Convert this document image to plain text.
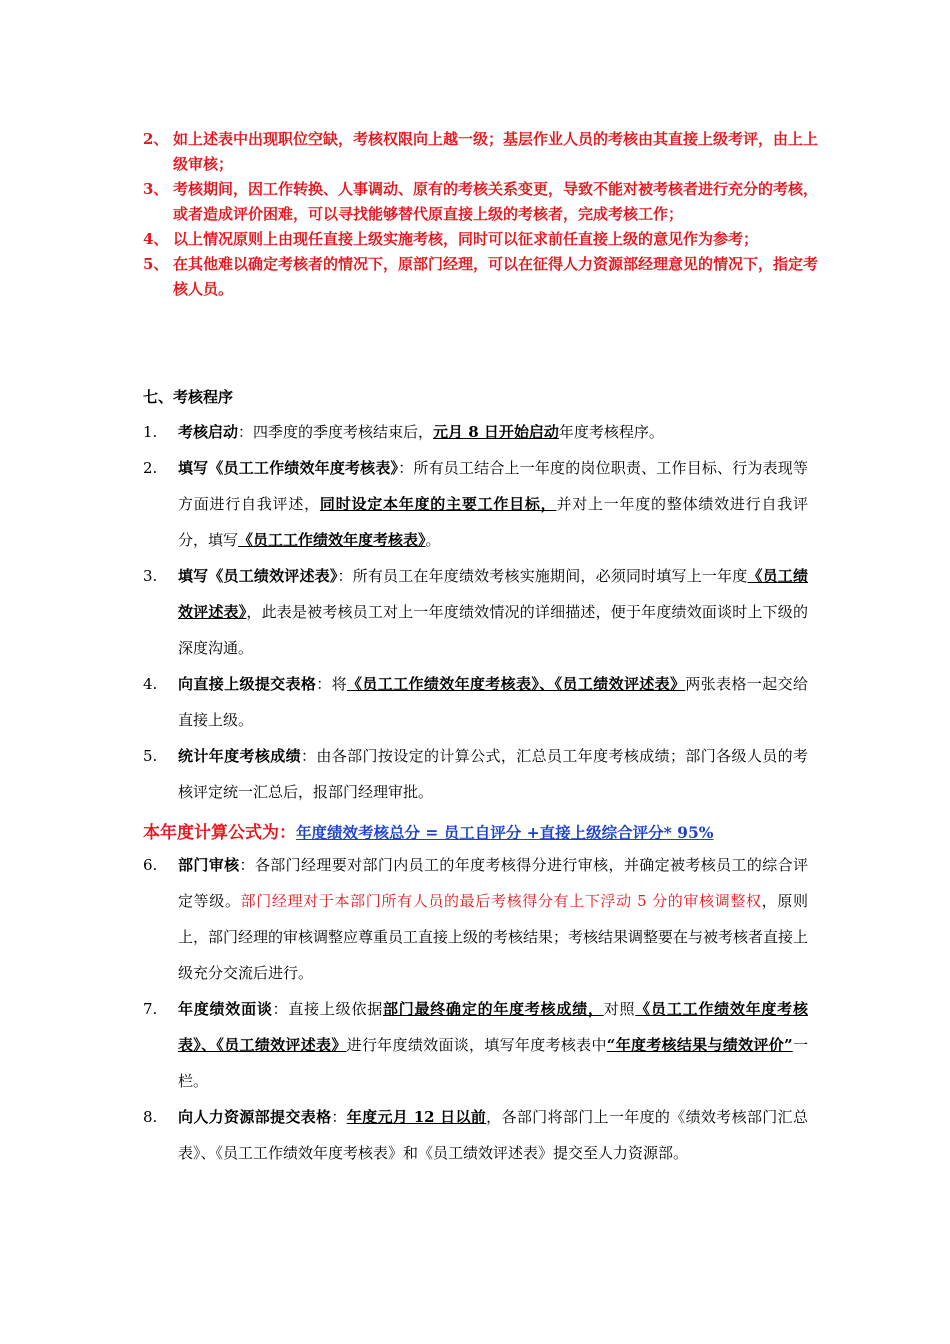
2、 如上述表中出现职位空缺，考核权限向上越一级；基层作业人员的考核由其直接上级考评，由上上级审核；
3、 考核期间，因工作转换、人事调动、原有的考核关系变更，导致不能对被考核者进行充分的考核，或者造成评价困难，可以寻找能够替代原直接上级的考核者，完成考核工作；
4、 以上情况原则上由现任直接上级实施考核，同时可以征求前任直接上级的意见作为参考；
5、 在其他难以确定考核者的情况下，原部门经理，可以在征得人力资源部经理意见的情况下，指定考核人员。
七、考核程序
1.	考核启动：四季度的季度考核结束后，元月 8 日开始启动年度考核程序。
2.	填写《员工工作绩效年度考核表》：所有员工结合上一年度的岗位职责、工作目标、行为表现等方面进行自我评述，同时设定本年度的主要工作目标，并对上一年度的整体绩效进行自我评分，填写《员工工作绩效年度考核表》。
3.	填写《员工绩效评述表》：所有员工在年度绩效考核实施期间，必须同时填写上一年度《员工绩效评述表》，此表是被考核员工对上一年度绩效情况的详细描述，便于年度绩效面谈时上下级的深度沟通。
4.	向直接上级提交表格：将《员工工作绩效年度考核表》、《员工绩效评述表》两张表格一起交给直接上级。
5.	统计年度考核成绩：由各部门按设定的计算公式，汇总员工年度考核成绩；部门各级人员的考核评定统一汇总后，报部门经理审批。
本年度计算公式为：年度绩效考核总分 = 员工自评分 +直接上级综合评分* 95%
6.	部门审核：各部门经理要对部门内员工的年度考核得分进行审核，并确定被考核员工的综合评定等级。部门经理对于本部门所有人员的最后考核得分有上下浮动 5 分的审核调整权，原则上，部门经理的审核调整应尊重员工直接上级的考核结果；考核结果调整要在与被考核者直接上级充分交流后进行。
7.	年度绩效面谈：直接上级依据部门最终确定的年度考核成绩，对照《员工工作绩效年度考核表》、《员工绩效评述表》进行年度绩效面谈，填写年度考核表中“年度考核结果与绩效评价”一栏。
8.	向人力资源部提交表格：年度元月 12 日以前，各部门将部门上一年度的《绩效考核部门汇总表》、《员工工作绩效年度考核表》和《员工绩效评述表》提交至人力资源部。
